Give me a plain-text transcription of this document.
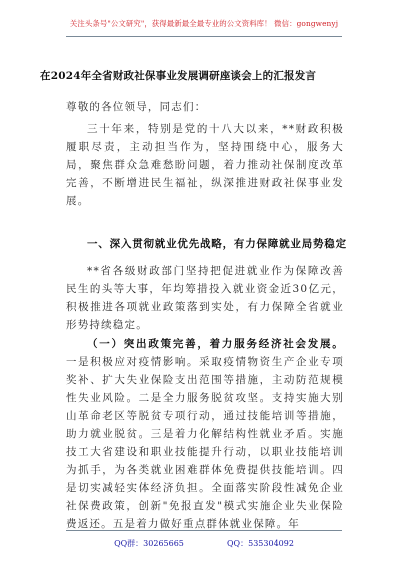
关注头条号"公文研究"，获得最新最全最专业的公文资料库！ 微信：gongwenyj
在2024年全省财政社保事业发展调研座谈会上的汇报发言
尊敬的各位领导，同志们：
三十年来，特别是党的十八大以来，**财政积极履职尽责，主动担当作为，坚持围绕中心，服务大局，聚焦群众急难愁盼问题，着力推动社保制度改革完善，不断增进民生福祉，纵深推进财政社保事业发展。
一、深入贯彻就业优先战略，有力保障就业局势稳定
**省各级财政部门坚持把促进就业作为保障改善民生的头等大事，年均筹措投入就业资金近30亿元，积极推进各项就业政策落到实处，有力保障全省就业形势持续稳定。
（一）突出政策完善，着力服务经济社会发展。一是积极应对疫情影响。采取疫情物资生产企业专项奖补、扩大失业保险支出范围等措施，主动防范规模性失业风险。二是全力服务脱贫攻坚。支持实施大别山革命老区等脱贫专项行动，通过技能培训等措施，助力就业脱贫。三是着力化解结构性就业矛盾。实施技工大省建设和职业技能提升行动，以职业技能培训为抓手，为各类就业困难群体免费提供技能培训。四是切实减轻实体经济负担。全面落实阶段性减免企业社保费政策，创新"免报直发"模式实施企业失业保险费返还。五是着力做好重点群体就业保障。年
QQ群：30265665	QQ：535304092
